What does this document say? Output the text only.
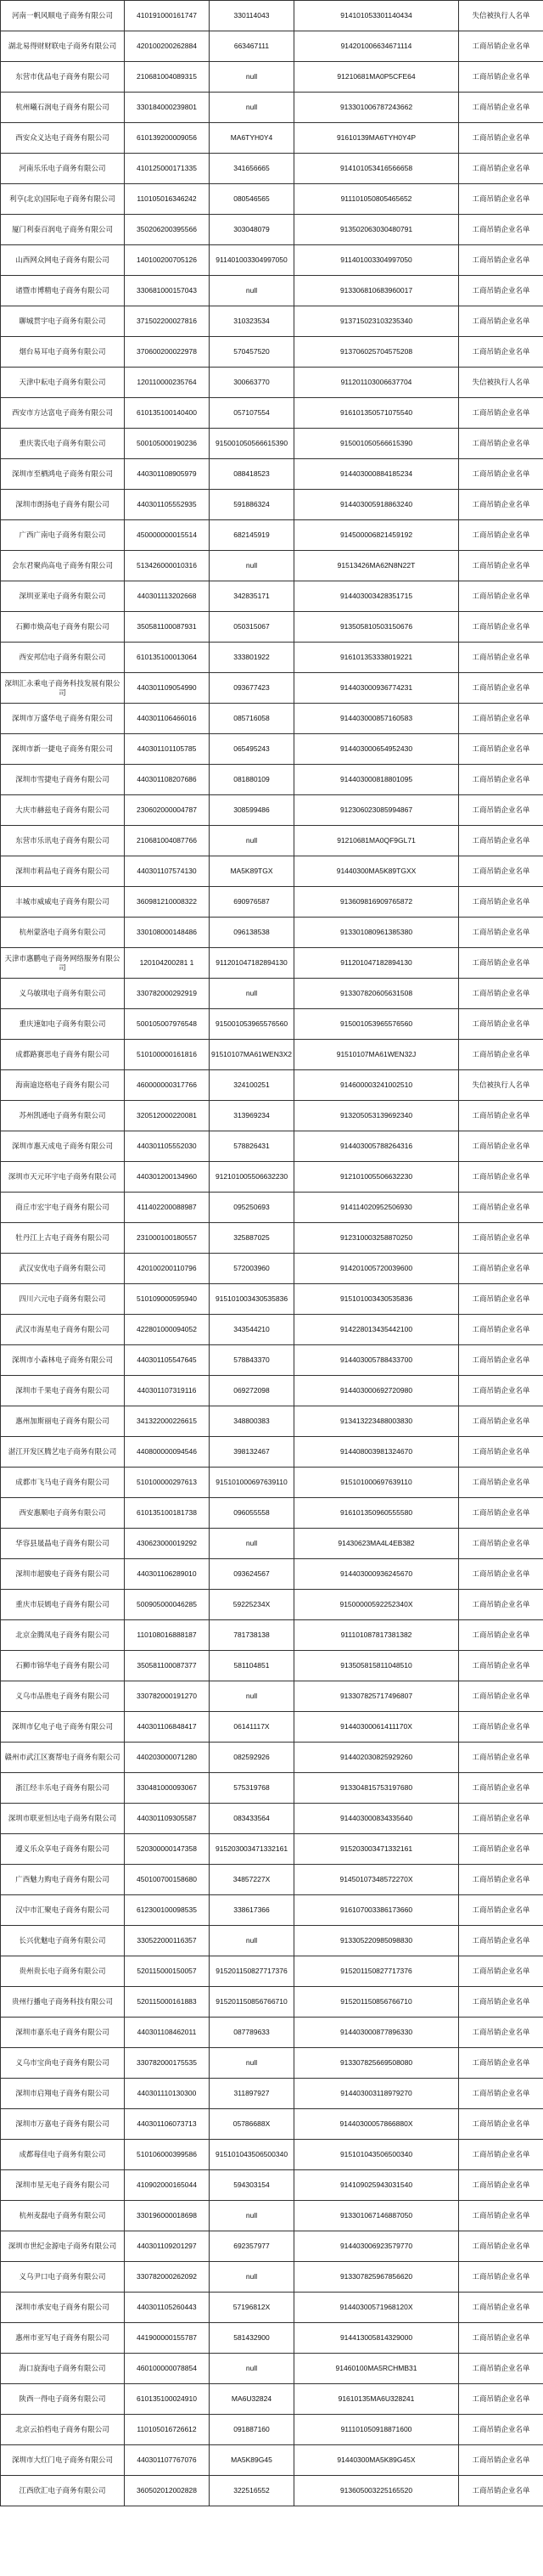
河南一帆风顺电子商务有限公司	410191000161747	330114043	914101053301140434	失信被执行人名单
湖北易得财财联电子商务有限公司	420100200262884	663467111	914201006634671114	工商吊销企业名单
东营市优品电子商务有限公司	210681004089315	null	91210681MA0P5CFE64	工商吊销企业名单
杭州曦石润电子商务有限公司	330184000239801	null	913301006787243662	工商吊销企业名单
西安众义达电子商务有限公司	610139200009056	MA6TYH0Y4	91610139MA6TYH0Y4P	工商吊销企业名单
河南乐乐电子商务有限公司	410125000171335	341656665	914101053416566658	工商吊销企业名单
利亨(北京)国际电子商务有限公司	110105016346242	080546565	911101050805465652	工商吊销企业名单
厦门利泰百润电子商务有限公司	350206200395566	303048079	913502063030480791	工商吊销企业名单
山西网众网电子商务有限公司	140100200705126	911401003304997050	911401003304997050	工商吊销企业名单
诸暨市博精电子商务有限公司	330681000157043	null	913306810683960017	工商吊销企业名单
聊城贯宇电子商务有限公司	371502200027816	310323534	913715023103235340	工商吊销企业名单
烟台易耳电子商务有限公司	370600200022978	570457520	913706025704575208	工商吊销企业名单
天津中耘电子商务有限公司	120110000235764	300663770	911201103006637704	失信被执行人名单
西安市方达富电子商务有限公司	610135100140400	057107554	916101350571075540	工商吊销企业名单
重庆裴氏电子商务有限公司	500105000190236	915001050566615390	915001050566615390	工商吊销企业名单
深圳市至栖鸿电子商务有限公司	440301108905979	088418523	914403000884185234	工商吊销企业名单
深圳市朗扬电子商务有限公司	440301105552935	591886324	914403005918863240	工商吊销企业名单
广西广南电子商务有限公司	450000000015514	682145919	914500006821459192	工商吊销企业名单
会东君聚尚高电子商务有限公司	513426000010316	null	91513426MA62N8N22T	工商吊销企业名单
深圳亚莱电子商务有限公司	440301113202668	342835171	914403003428351715	工商吊销企业名单
石狮市焕高电子商务有限公司	350581100087931	050315067	913505810503150676	工商吊销企业名单
西安邦信电子商务有限公司	610135100013064	333801922	916101353338019221	工商吊销企业名单
深圳汇永乘电子商务科技发展有限公司	440301109054990	093677423	914403000936774231	工商吊销企业名单
深圳市万盛华电子商务有限公司	440301106466016	085716058	914403000857160583	工商吊销企业名单
深圳市新一捷电子商务有限公司	440301101105785	065495243	914403000654952430	工商吊销企业名单
深圳市雪捷电子商务有限公司	440301108207686	081880109	914403000818801095	工商吊销企业名单
大庆市赫兹电子商务有限公司	230602000004787	308599486	912306023085994867	工商吊销企业名单
东营市乐讯电子商务有限公司	210681004087766	null	91210681MA0QF9GL71	工商吊销企业名单
深圳市莉品电子商务有限公司	440301107574130	MA5K89TGX	91440300MA5K89TGXX	工商吊销企业名单
丰城市威威电子商务有限公司	360981210008322	690976587	913609816909765872	工商吊销企业名单
杭州蒙洛电子商务有限公司	330108000148486	096138538	913301080961385380	工商吊销企业名单
天津市惠鹏电子商务网络服务有限公司	120104200281 1	911201047182894130	911201047182894130	工商吊销企业名单
义乌敏琪电子商务有限公司	330782000292919	null	913307820605631508	工商吊销企业名单
重庆速如电子商务有限公司	500105007976548	915001053965576560	915001053965576560	工商吊销企业名单
成都路赛思电子商务有限公司	510100000161816	91510107MA61WEN3X2	91510107MA61WEN32J	工商吊销企业名单
海南逾迩格电子商务有限公司	460000000317766	324100251	914600003241002510	失信被执行人名单
苏州凯通电子商务有限公司	320512000220081	313969234	913205053139692340	工商吊销企业名单
深圳市惠天成电子商务有限公司	440301105552030	578826431	914403005788264316	工商吊销企业名单
深圳市天元环宇电子商务有限公司	440301200134960	912101005506632230	912101005506632230	工商吊销企业名单
商丘市宏宇电子商务有限公司	411402200088987	095250693	914114020952506930	工商吊销企业名单
牡丹江上古电子商务有限公司	231000100180557	325887025	912310003258870250	工商吊销企业名单
武汉安优电子商务有限公司	420100200110796	572003960	914201005720039600	工商吊销企业名单
四川六元电子商务有限公司	510109000595940	915101003430535836	915101003430535836	工商吊销企业名单
武汉市海星电子商务有限公司	422801000094052	343544210	914228013435442100	工商吊销企业名单
深圳市小森林电子商务有限公司	440301105547645	578843370	914403005788433700	工商吊销企业名单
深圳市千果电子商务有限公司	440301107319116	069272098	914403000692720980	工商吊销企业名单
惠州加斯丽电子商务有限公司	341322000226615	348800383	913413223488003830	工商吊销企业名单
湛江开发区腾艺电子商务有限公司	440800000094546	398132467	914408003981324670	工商吊销企业名单
成都市飞马电子商务有限公司	510100000297613	915101000697639110	915101000697639110	工商吊销企业名单
西安惠顺电子商务有限公司	610135100181738	096055558	916101350960555580	工商吊销企业名单
华容县晟晶电子商务有限公司	430623000019292	null	91430623MA4L4EB382	工商吊销企业名单
深圳市超骏电子商务有限公司	440301106289010	093624567	914403000936245670	工商吊销企业名单
重庆市辰嫣电子商务有限公司	500905000046285	59225234X	91500000592252340X	工商吊销企业名单
北京金腾凤电子商务有限公司	110108016888187	781738138	911101087817381382	工商吊销企业名单
石狮市锦华电子商务有限公司	350581100087377	581104851	913505815811048510	工商吊销企业名单
义乌市品胜电子商务有限公司	330782000191270	null	913307825717496807	工商吊销企业名单
深圳市亿电子电子商务有限公司	440301106848417	06141117X	91440300061411170X	工商吊销企业名单
赣州市武江区赛帮电子商务有限公司	440203000071280	082592926	914402030825929260	工商吊销企业名单
浙江经丰乐电子商务有限公司	330481000093067	575319768	913304815753197680	工商吊销企业名单
深圳市联亚恒达电子商务有限公司	440301109305587	083433564	914403000834335640	工商吊销企业名单
遵义乐众享电子商务有限公司	520300000147358	915203003471332161	915203003471332161	工商吊销企业名单
广西魅力购电子商务有限公司	450100700158680	34857227X	91450107348572270X	工商吊销企业名单
汉中市汇聚电子商务有限公司	612300100098535	338617366	916107003386173660	工商吊销企业名单
长兴优魅电子商务有限公司	330522000116357	null	913305220985098830	工商吊销企业名单
贵州贵长电子商务有限公司	520115000150057	915201150827717376	915201150827717376	工商吊销企业名单
贵州行播电子商务科技有限公司	520115000161883	915201150856766710	915201150856766710	工商吊销企业名单
深圳市嘉乐电子商务有限公司	440301108462011	087789633	914403000877896330	工商吊销企业名单
义乌市宝尚电子商务有限公司	330782000175535	null	913307825669508080	工商吊销企业名单
深圳市启翔电子商务有限公司	440301110130300	311897927	914403003118979270	工商吊销企业名单
深圳市万嘉电子商务有限公司	440301106073713	05786688X	91440300057866880X	工商吊销企业名单
成都莓佳电子商务有限公司	510106000399586	915101043506500340	915101043506500340	工商吊销企业名单
深圳市星无电子商务有限公司	410902000165044	594303154	914109025943031540	工商吊销企业名单
杭州麦磊电子商务有限公司	330196000018698	null	913301067146887050	工商吊销企业名单
深圳市世纪金源电子商务有限公司	440301109201297	692357977	914403006923579770	工商吊销企业名单
义乌尹口电子商务有限公司	330782000262092	null	913307825967856620	工商吊销企业名单
深圳市承安电子商务有限公司	440301105260443	57196812X	91440300571968120X	工商吊销企业名单
惠州市亚写电子商务有限公司	441900000155787	581432900	914413005814329000	工商吊销企业名单
海口旋海电子商务有限公司	460100000078854	null	91460100MA5RCHMB31	工商吊销企业名单
陕西一得电子商务有限公司	610135100024910	MA6U32824	91610135MA6U328241	工商吊销企业名单
北京云拍档电子商务有限公司	110105016726612	091887160	911101050918871600	工商吊销企业名单
深圳市大红门电子商务有限公司	440301107767076	MA5K89G45	91440300MA5K89G45X	工商吊销企业名单
江西欣汇电子商务有限公司	360502012002828	322516552	913605003225165520	工商吊销企业名单
